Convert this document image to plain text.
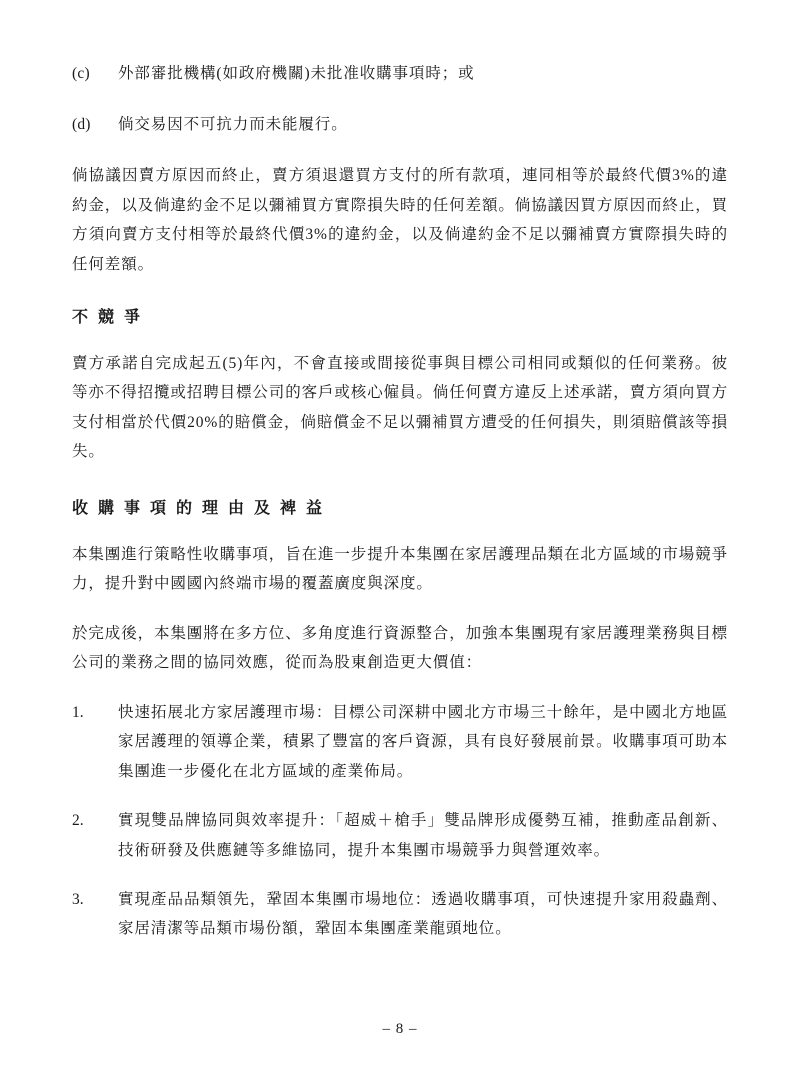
(c)	外部審批機構(如政府機關)未批准收購事項時；或
(d)	倘交易因不可抗力而未能履行。

倘協議因賣方原因而終止，賣方須退還買方支付的所有款項，連同相等於最終代價3%的違約金，以及倘違約金不足以彌補買方實際損失時的任何差額。倘協議因買方原因而終止，買方須向賣方支付相等於最終代價3%的違約金，以及倘違約金不足以彌補賣方實際損失時的任何差額。

不 競 爭

賣方承諾自完成起五(5)年內，不會直接或間接從事與目標公司相同或類似的任何業務。彼等亦不得招攬或招聘目標公司的客戶或核心僱員。倘任何賣方違反上述承諾，賣方須向買方支付相當於代價20%的賠償金，倘賠償金不足以彌補買方遭受的任何損失，則須賠償該等損失。

收 購 事 項 的 理 由 及 裨 益

本集團進行策略性收購事項，旨在進一步提升本集團在家居護理品類在北方區域的市場競爭力，提升對中國國內終端市場的覆蓋廣度與深度。

於完成後，本集團將在多方位、多角度進行資源整合，加強本集團現有家居護理業務與目標公司的業務之間的協同效應，從而為股東創造更大價值：

1.	快速拓展北方家居護理市場：目標公司深耕中國北方市場三十餘年，是中國北方地區家居護理的領導企業，積累了豐富的客戶資源，具有良好發展前景。收購事項可助本集團進一步優化在北方區域的產業佈局。
2.	實現雙品牌協同與效率提升：「超威＋槍手」雙品牌形成優勢互補，推動產品創新、技術研發及供應鏈等多維協同，提升本集團市場競爭力與營運效率。
3.	實現產品品類領先，鞏固本集團市場地位：透過收購事項，可快速提升家用殺蟲劑、家居清潔等品類市場份額，鞏固本集團產業龍頭地位。
– 8 –
